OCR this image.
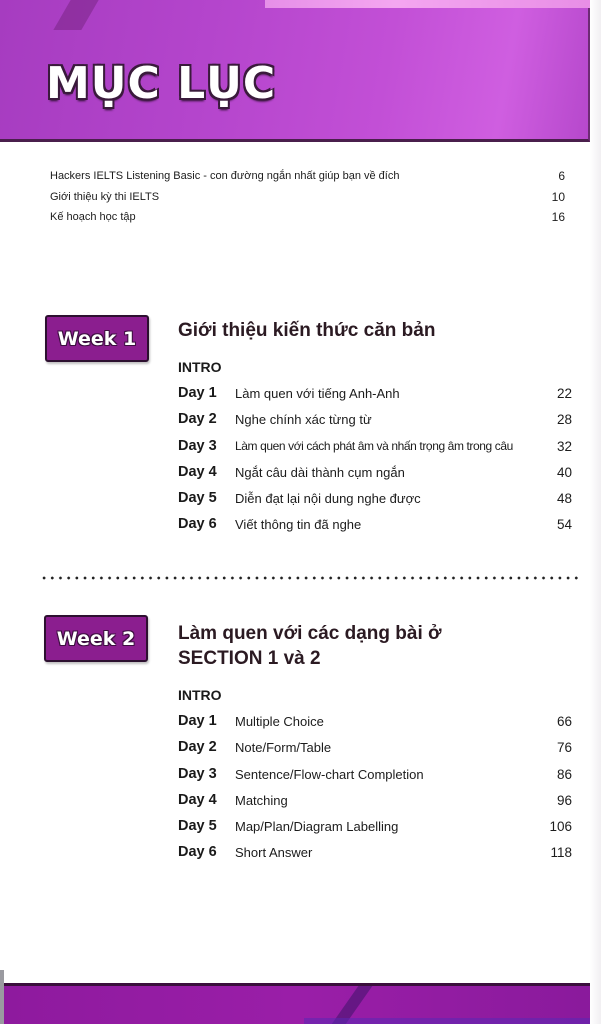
MỤC LỤC
Hackers IELTS Listening Basic - con đường ngắn nhất giúp bạn về đích	6
Giới thiệu kỳ thi IELTS	10
Kế hoạch học tập	16
Week 1	Giới thiệu kiến thức căn bản
INTRO
Day 1 Làm quen với tiếng Anh-Anh	22
Day 2 Nghe chính xác từng từ	28
Day 3 Làm quen với cách phát âm và nhấn trọng âm trong câu	32
Day 4 Ngắt câu dài thành cụm ngắn	40
Day 5 Diễn đạt lại nội dung nghe được	48
Day 6 Viết thông tin đã nghe	54
Week 2	Làm quen với các dạng bài ở
SECTION 1 và 2
INTRO
Day 1 Multiple Choice	66
Day 2 Note/Form/Table	76
Day 3 Sentence/Flow-chart Completion	86
Day 4 Matching	96
Day 5 Map/Plan/Diagram Labelling	106
Day 6 Short Answer	118
